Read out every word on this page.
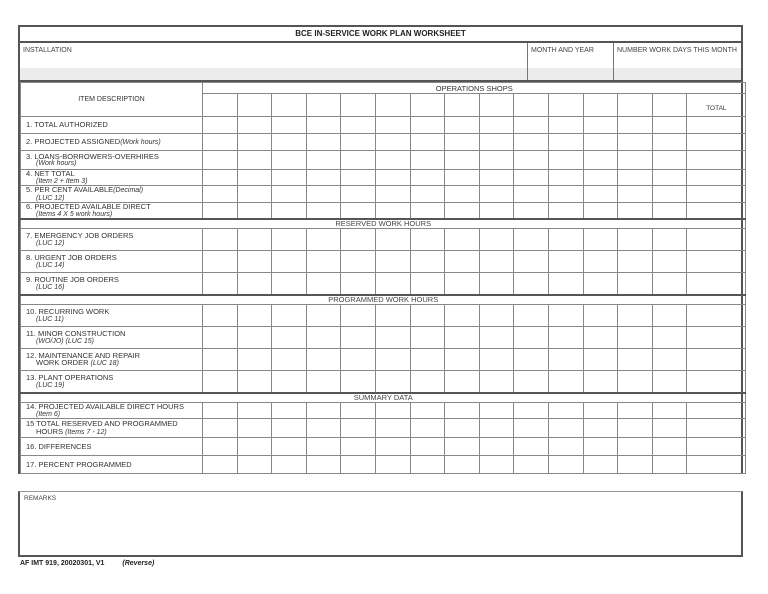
BCE IN-SERVICE WORK PLAN WORKSHEET
INSTALLATION	MONTH AND YEAR	NUMBER WORK DAYS THIS MONTH
ITEM DESCRIPTION	OPERATIONS SHOPS														
															TOTAL
1. TOTAL AUTHORIZED															
2. PROJECTED ASSIGNED(Work hours)															
3. LOANS-BORROWERS-OVERHIRES
(Work hours)															

4. NET TOTAL
(Item 2 + Item 3)															

5. PER CENT AVAILABLE(Decimal)
(LUC 12)															

6. PROJECTED AVAILABLE DIRECT
(Items 4 X 5 work hours)															

RESERVED WORK HOURS															
7. EMERGENCY JOB ORDERS
(LUC 12)															

8. URGENT JOB ORDERS
(LUC 14)															

9. ROUTINE JOB ORDERS
(LUC 16)															

PROGRAMMED WORK HOURS															
10. RECURRING WORK
(LUC 11)															

11. MINOR CONSTRUCTION
(WO/JO) (LUC 15)															

12. MAINTENANCE AND REPAIR
WORK ORDER (LUC 18)															

13. PLANT OPERATIONS
(LUC 19)															

SUMMARY DATA															
14. PROJECTED AVAILABLE DIRECT HOURS
(Item 6)															

15 TOTAL RESERVED AND PROGRAMMED
HOURS (Items 7 - 12)															

16. DIFFERENCES															
17. PERCENT PROGRAMMED															
REMARKS
AF IMT 919, 20020301, V1	(Reverse)
